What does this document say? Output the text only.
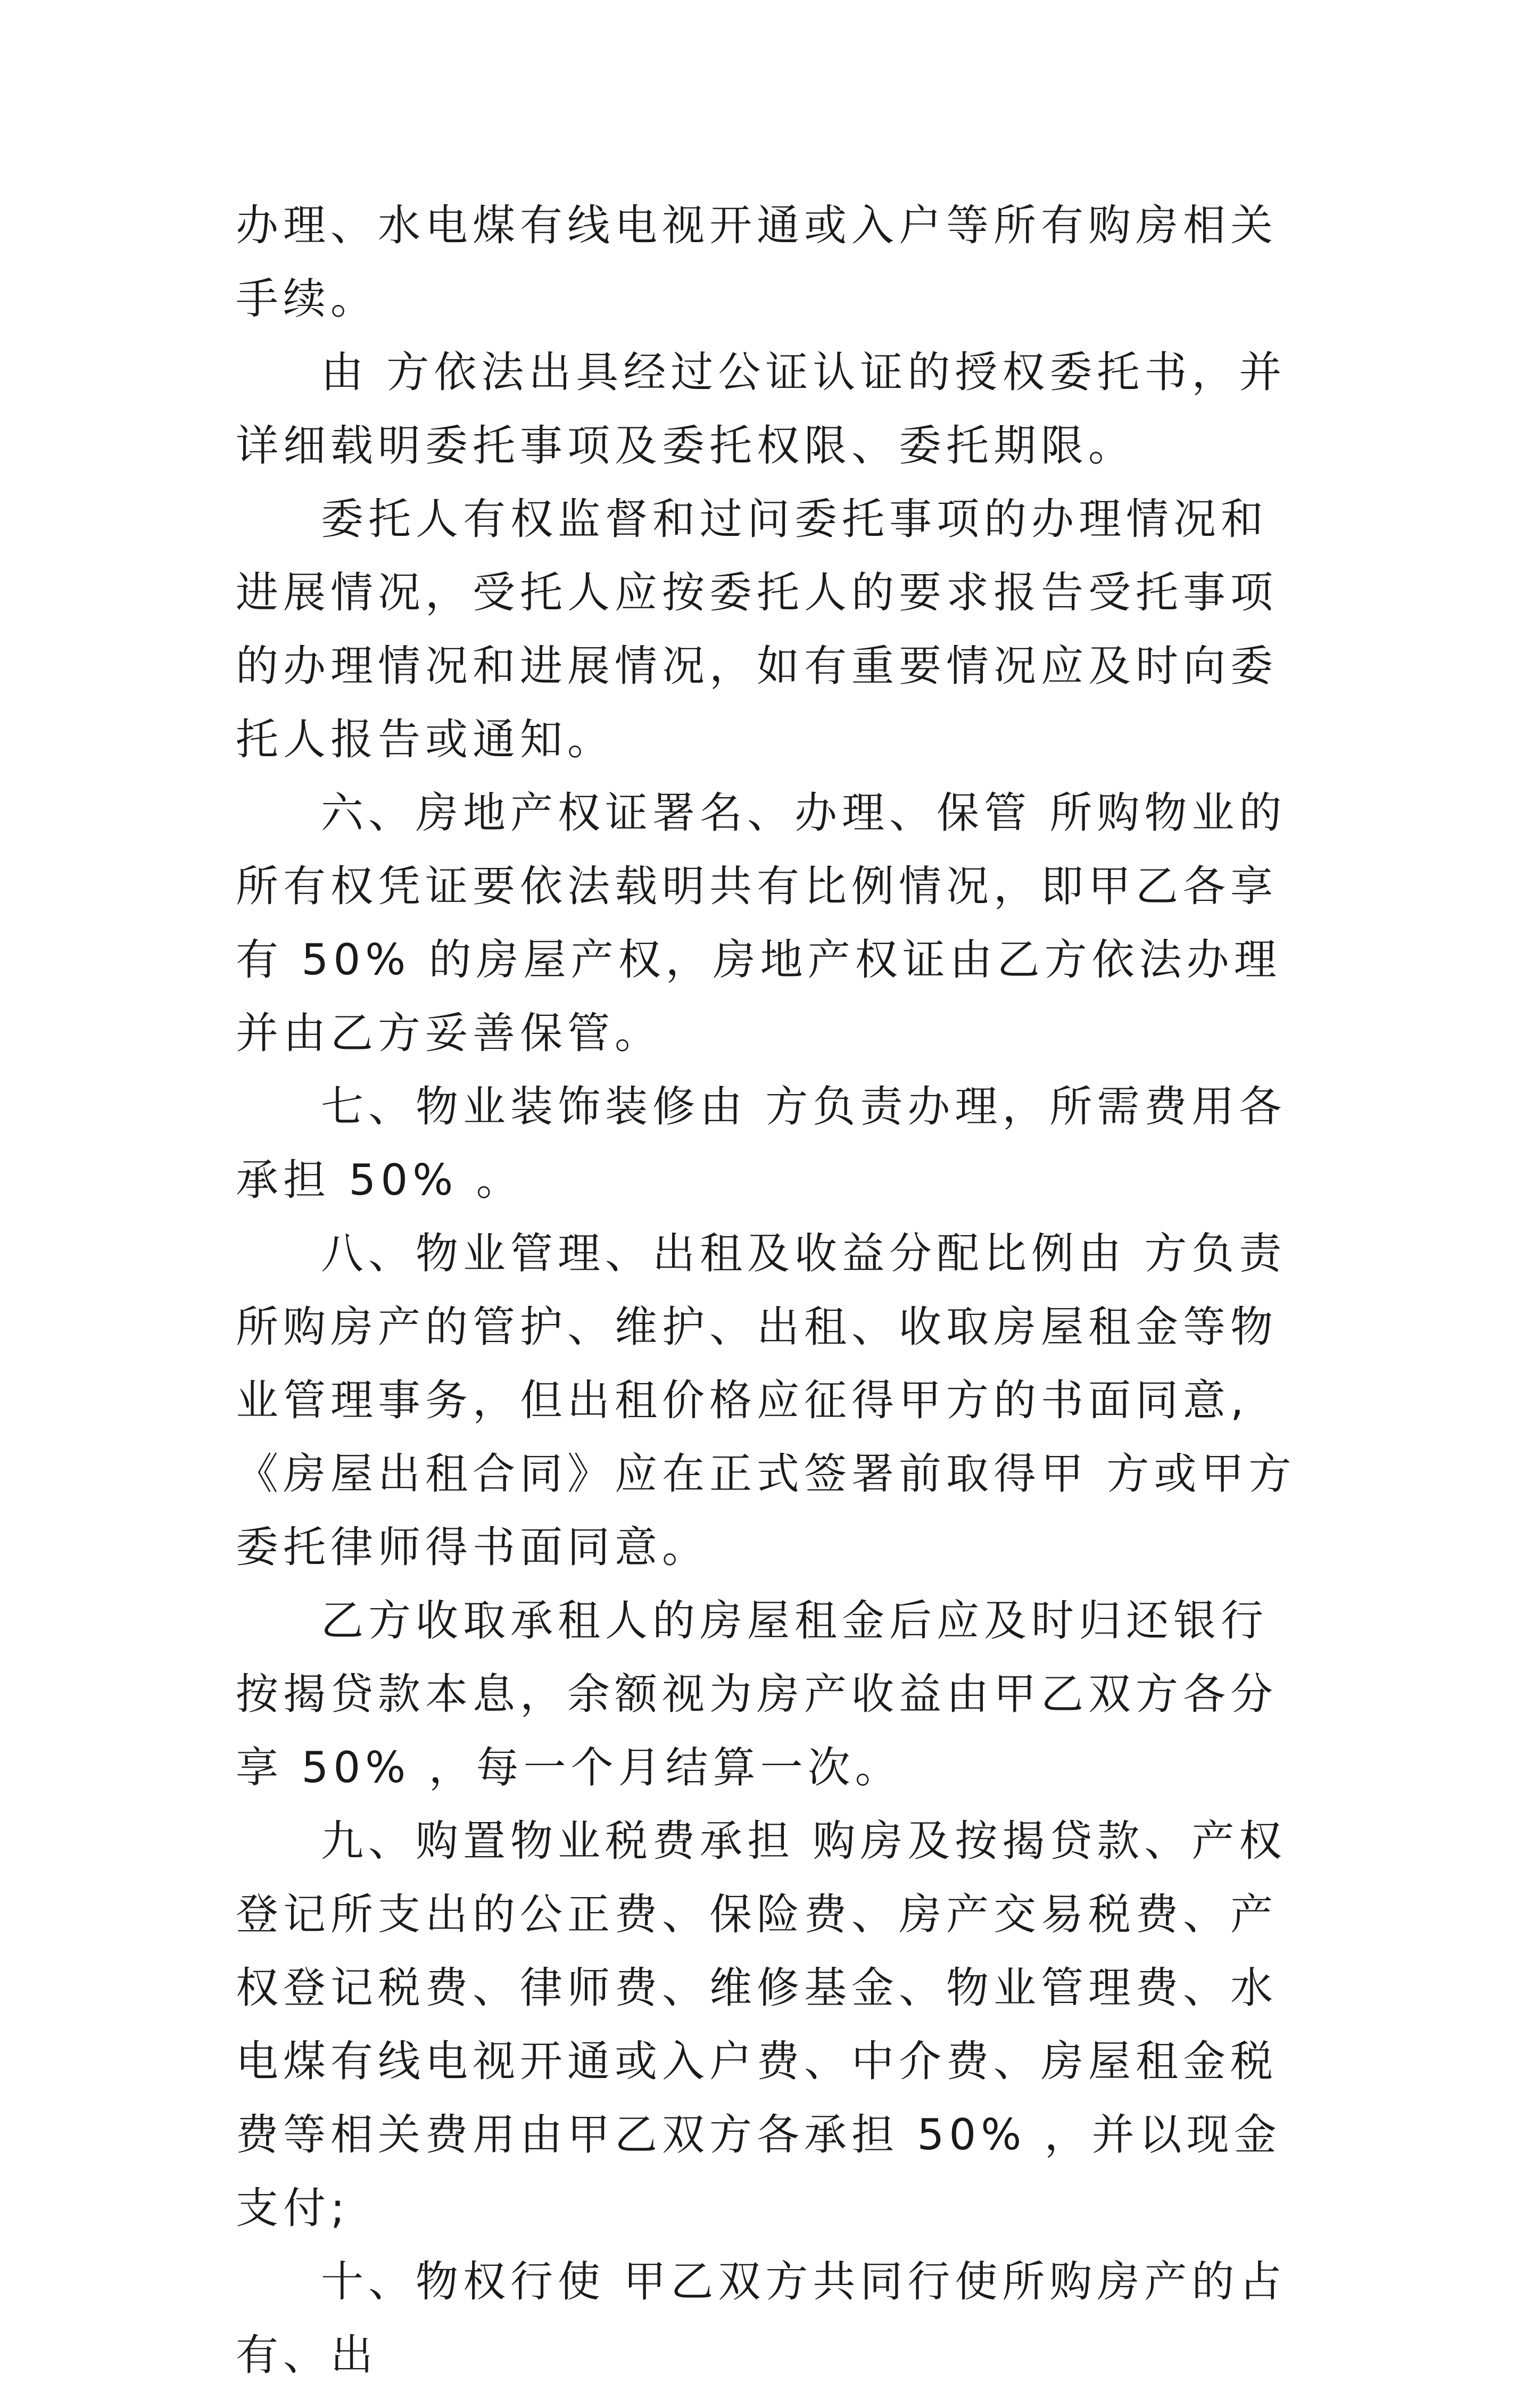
办理、水电煤有线电视开通或入户等所有购房相关手续。

由 方依法出具经过公证认证的授权委托书，并详细载明委托事项及委托权限、委托期限。

委托人有权监督和过问委托事项的办理情况和进展情况，受托人应按委托人的要求报告受托事项的办理情况和进展情况，如有重要情况应及时向委托人报告或通知。

六、房地产权证署名、办理、保管 所购物业的所有权凭证要依法载明共有比例情况，即甲乙各享有 50% 的房屋产权，房地产权证由乙方依法办理并由乙方妥善保管。

七、物业装饰装修由 方负责办理，所需费用各承担 50% 。

八、物业管理、出租及收益分配比例由 方负责所购房产的管护、维护、出租、收取房屋租金等物业管理事务，但出租价格应征得甲方的书面同意,《房屋出租合同》应在正式签署前取得甲 方或甲方委托律师得书面同意。

乙方收取承租人的房屋租金后应及时归还银行按揭贷款本息，余额视为房产收益由甲乙双方各分享 50% ，每一个月结算一次。

九、购置物业税费承担 购房及按揭贷款、产权登记所支出的公正费、保险费、房产交易税费、产权登记税费、律师费、维修基金、物业管理费、水电煤有线电视开通或入户费、中介费、房屋租金税费等相关费用由甲乙双方各承担 50% ，并以现金支付;

十、物权行使 甲乙双方共同行使所购房产的占有、出
